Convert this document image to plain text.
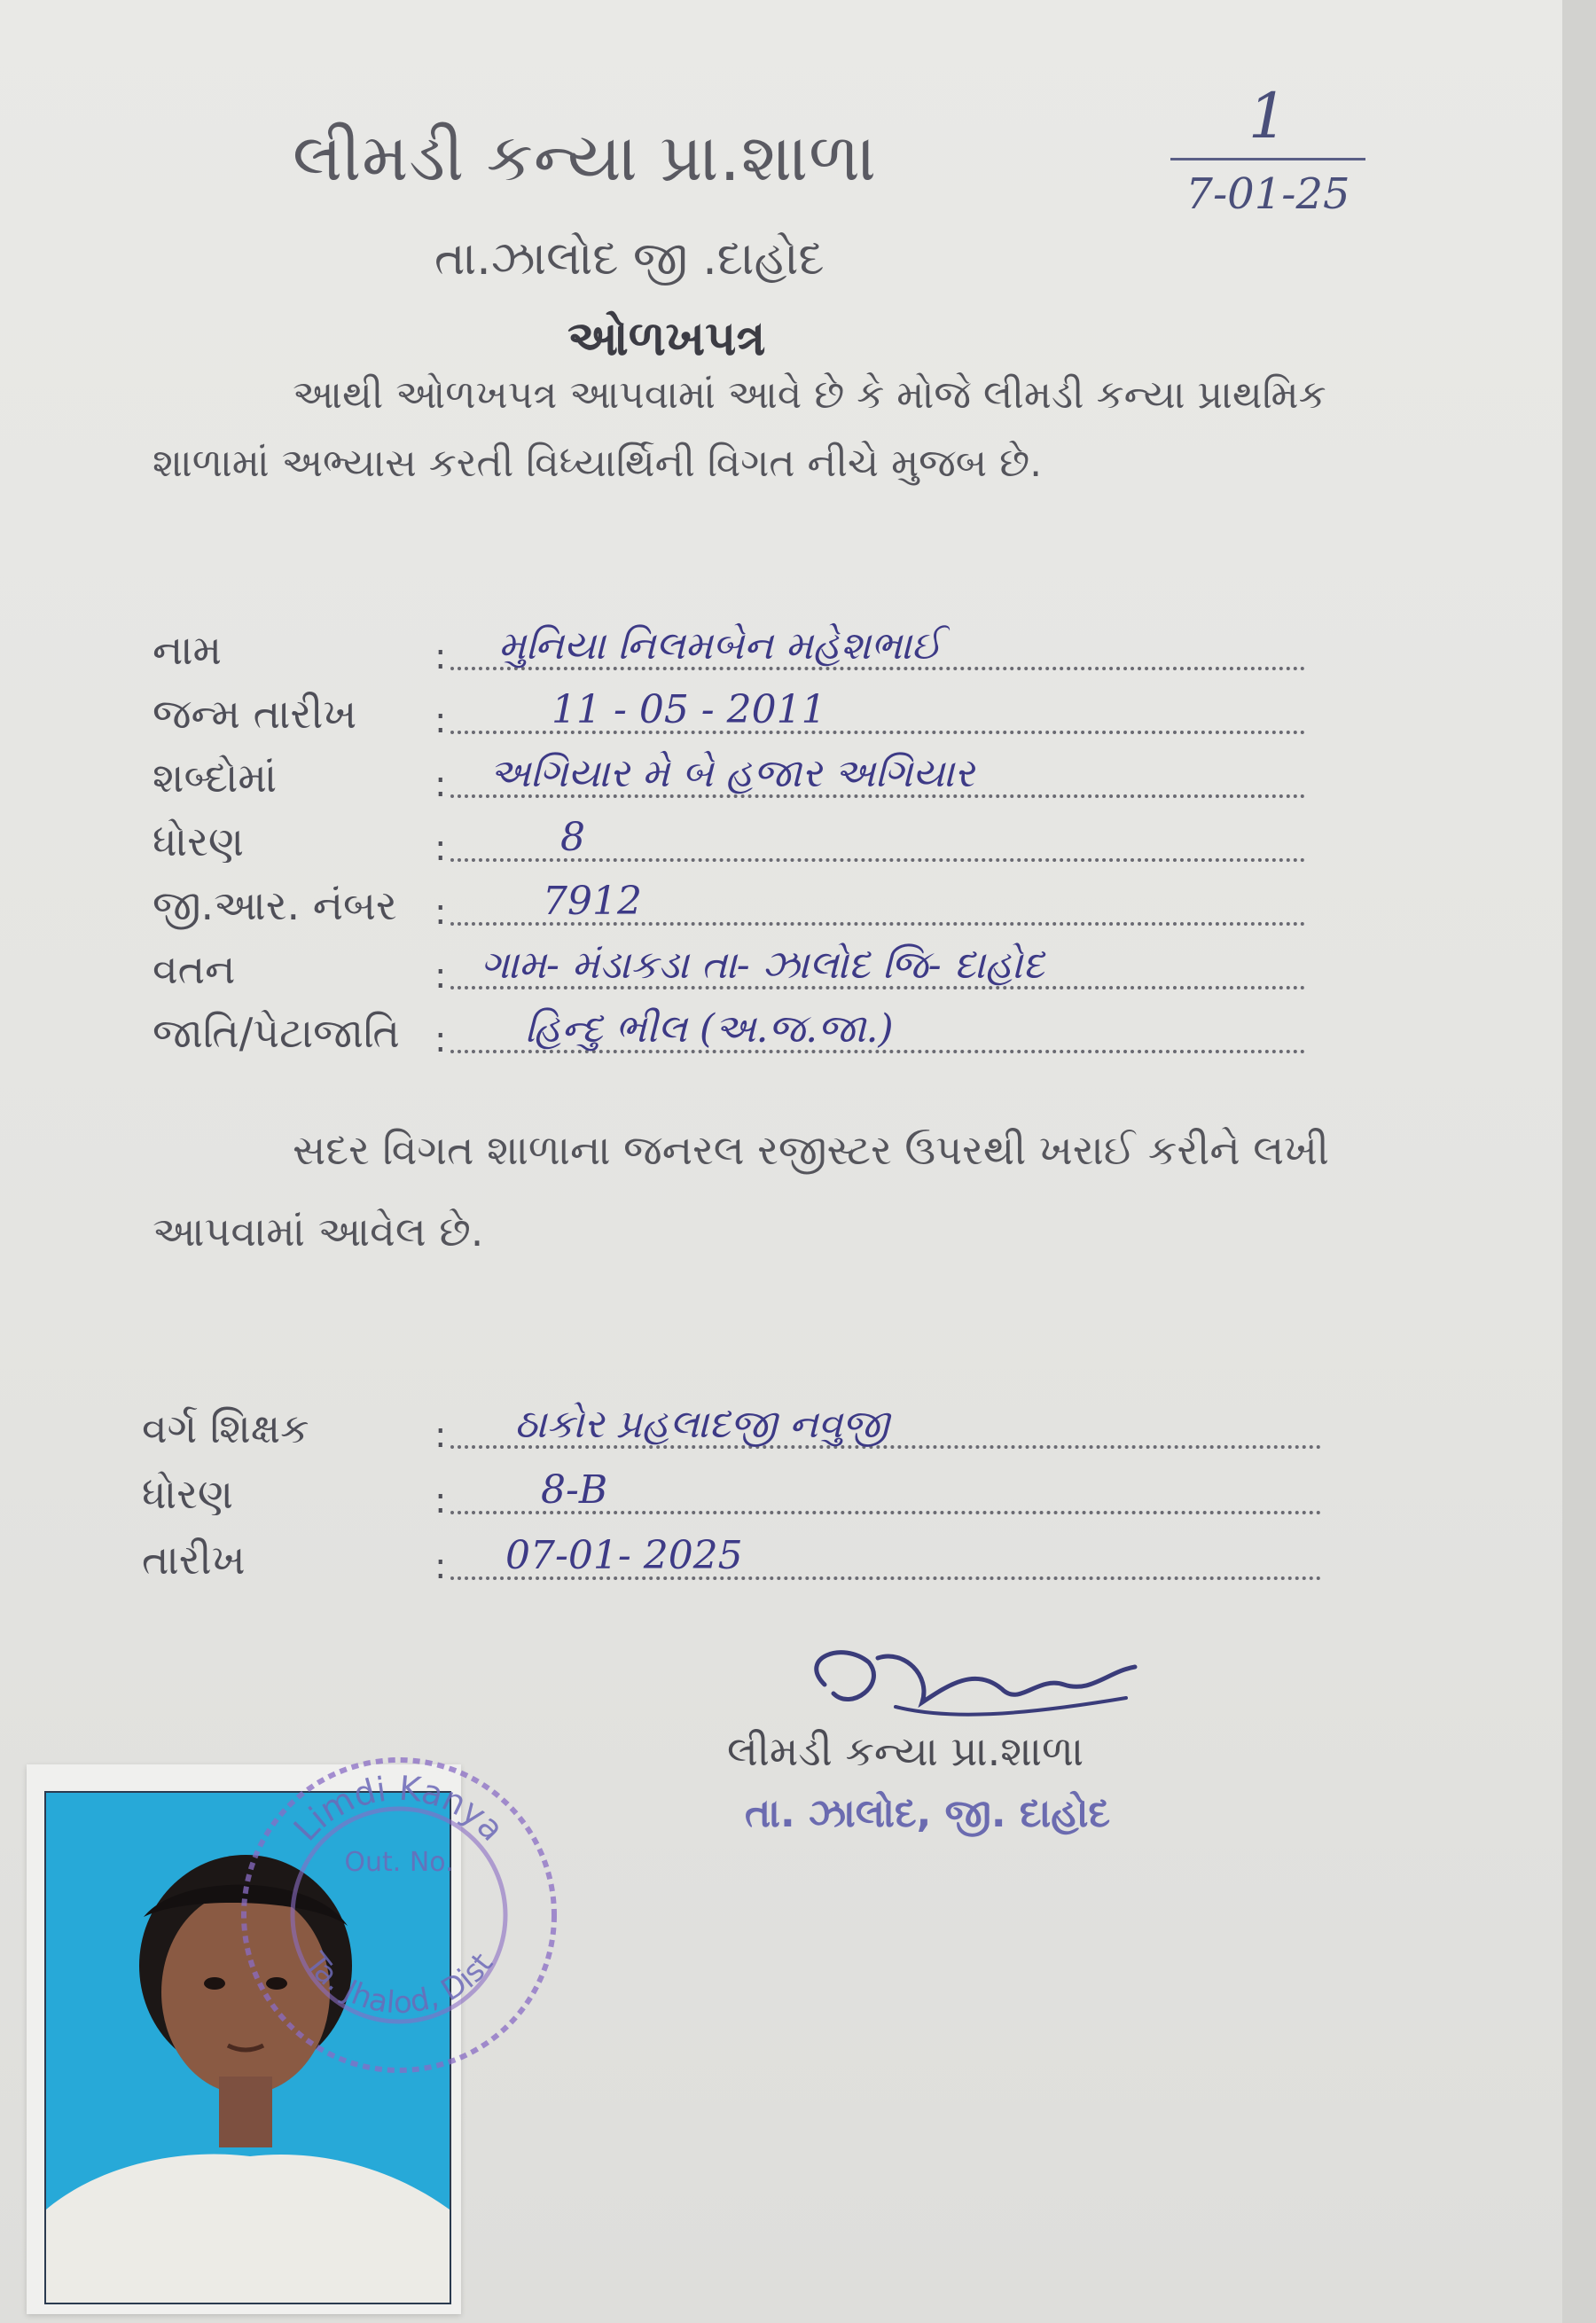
લીમડી કન્યા પ્રા.શાળા
તા.ઝાલોદ જી .દાહોદ
ઓળખપત્ર
આથી ઓળખપત્ર આપવામાં આવે છે કે મોજે લીમડી કન્યા પ્રાથમિક
શાળામાં અભ્યાસ કરતી વિધ્યાર્થિની વિગત નીચે મુજબ છે.
1
7-01-25
નામ	: મુનિયા નિલમબેન મહેશભાઈ
જન્મ તારીખ :	11 - 05 - 2011
શબ્દોમાં	: અગિયાર મે બે હજાર અગિયાર
ધોરણ	:	8
જી.આર. નંબર : 7912
વતન	: ગામ- મંડાકડા તા- ઝાલોદ જિ- દાહોદ
જાતિ/પેટાજાતિ : હિન્દુ ભીલ (અ.જ.જા.)
સદર વિગત શાળાના જનરલ રજીસ્ટર ઉપરથી ખરાઈ કરીને લખી
આપવામાં આવેલ છે.
વર્ગ શિક્ષક	: ઠાકોર પ્રહલાદજી નવુજી
ધોરણ	: 8-B
તારીખ	: 07-01- 2025
લીમડી કન્યા પ્રા.શાળા
તા. ઝાલોદ, જી. દાહોદ
Limdi Kanya
Out. No.
Ta. Jhalod, Dist
